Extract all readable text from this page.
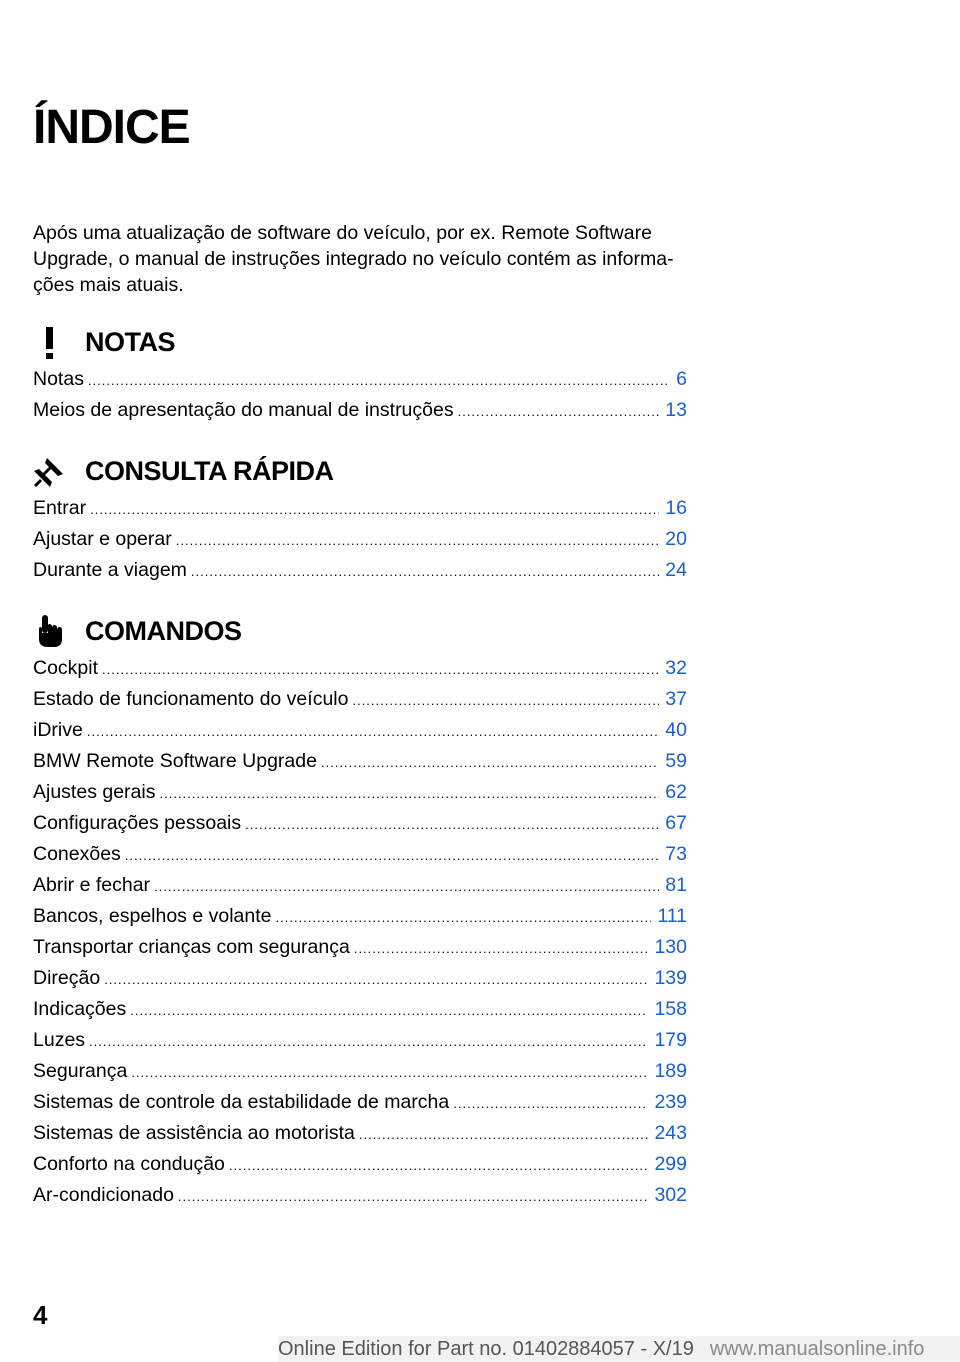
ÍNDICE
Após uma atualização de software do veículo, por ex. Remote Software Upgrade, o manual de instruções integrado no veículo contém as informações mais atuais.
NOTAS
Notas .....	6
Meios de apresentação do manual de instruções .....	13
CONSULTA RÁPIDA
Entrar .....	16
Ajustar e operar .....	20
Durante a viagem .....	24
COMANDOS
Cockpit .....	32
Estado de funcionamento do veículo .....	37
iDrive .....	40
BMW Remote Software Upgrade .....	59
Ajustes gerais .....	62
Configurações pessoais .....	67
Conexões .....	73
Abrir e fechar .....	81
Bancos, espelhos e volante .....	111
Transportar crianças com segurança .....	130
Direção .....	139
Indicações .....	158
Luzes .....	179
Segurança .....	189
Sistemas de controle da estabilidade de marcha .....	239
Sistemas de assistência ao motorista .....	243
Conforto na condução .....	299
Ar-condicionado .....	302
4
Online Edition for Part no. 01402884057 - X/19 www.manualsonline.info
